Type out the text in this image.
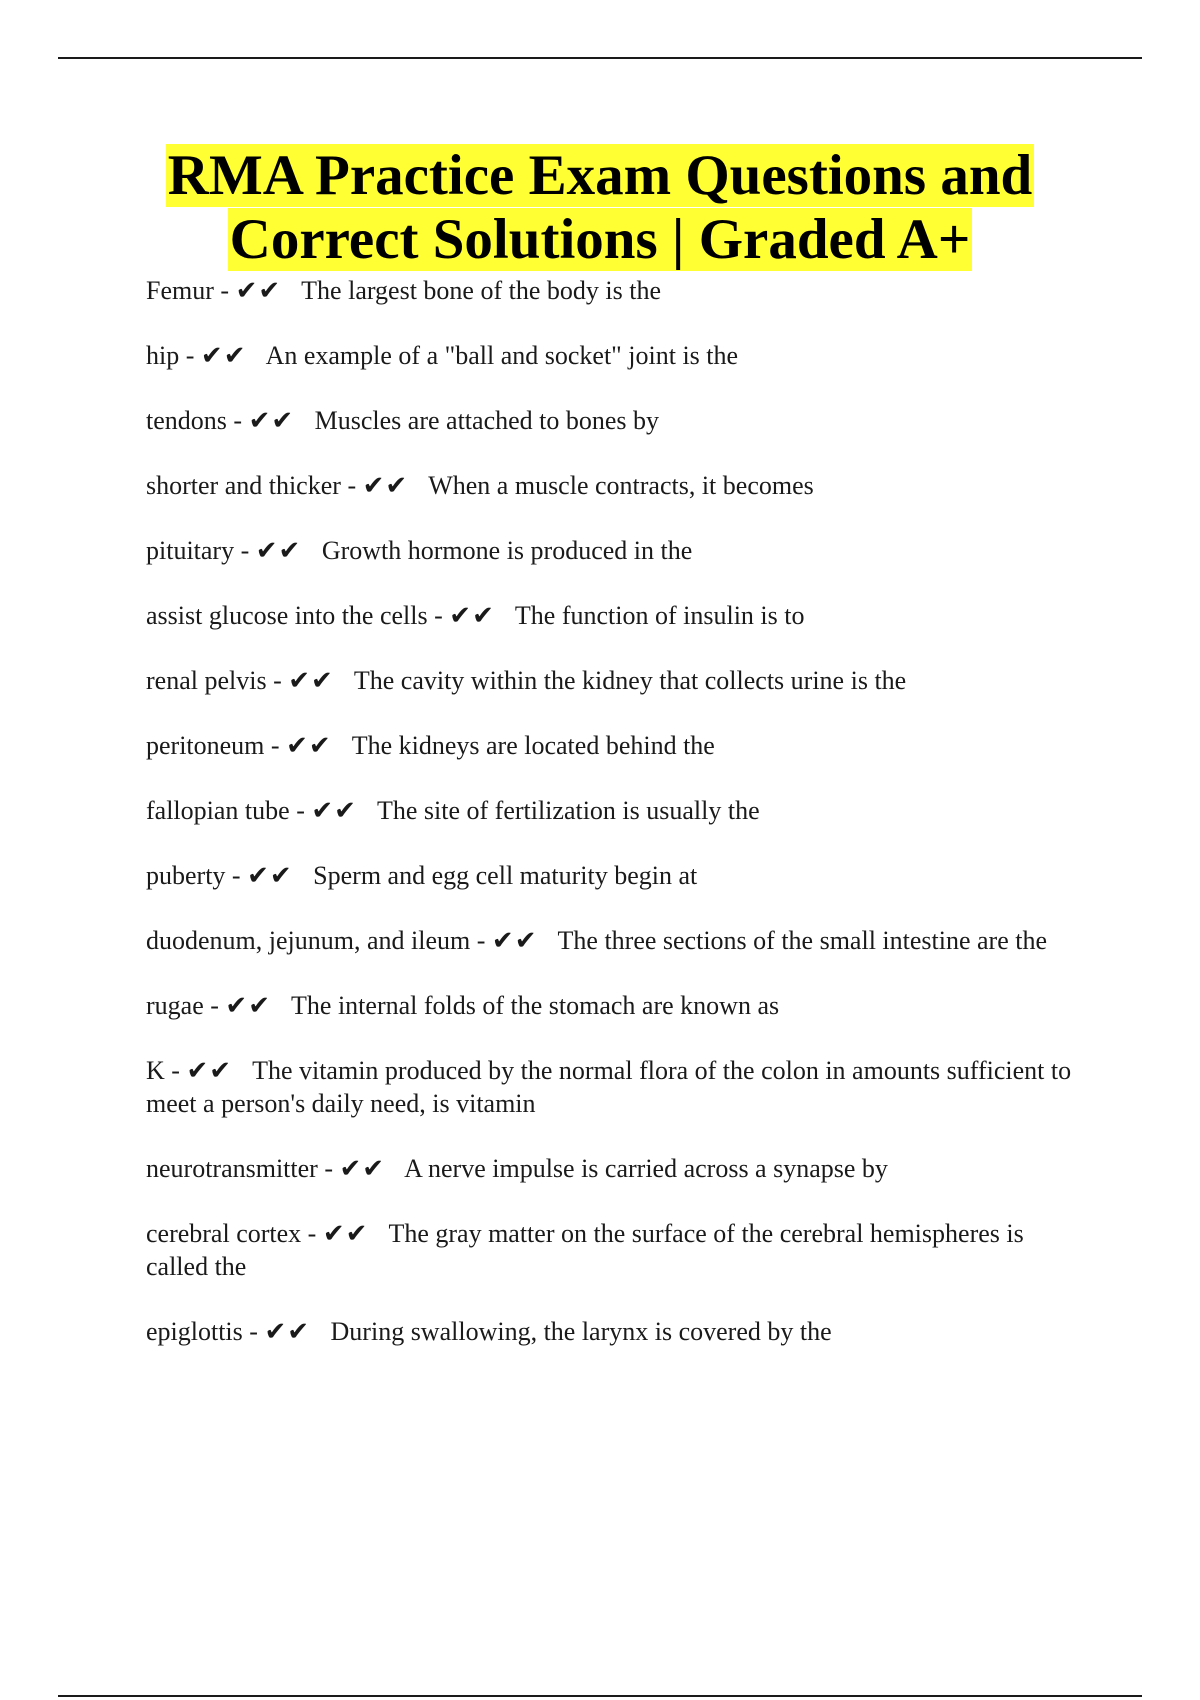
RMA Practice Exam Questions and
Correct Solutions | Graded A+
Femur - ✔✔ The largest bone of the body is the
hip - ✔✔ An example of a "ball and socket" joint is the
tendons - ✔✔ Muscles are attached to bones by
shorter and thicker - ✔✔ When a muscle contracts, it becomes
pituitary - ✔✔ Growth hormone is produced in the
assist glucose into the cells - ✔✔ The function of insulin is to
renal pelvis - ✔✔ The cavity within the kidney that collects urine is the
peritoneum - ✔✔ The kidneys are located behind the
fallopian tube - ✔✔ The site of fertilization is usually the
puberty - ✔✔ Sperm and egg cell maturity begin at
duodenum, jejunum, and ileum - ✔✔ The three sections of the small intestine are the
rugae - ✔✔ The internal folds of the stomach are known as
K - ✔✔ The vitamin produced by the normal flora of the colon in amounts sufficient to meet a person's daily need, is vitamin
neurotransmitter - ✔✔ A nerve impulse is carried across a synapse by
cerebral cortex - ✔✔ The gray matter on the surface of the cerebral hemispheres is called the
epiglottis - ✔✔ During swallowing, the larynx is covered by the
